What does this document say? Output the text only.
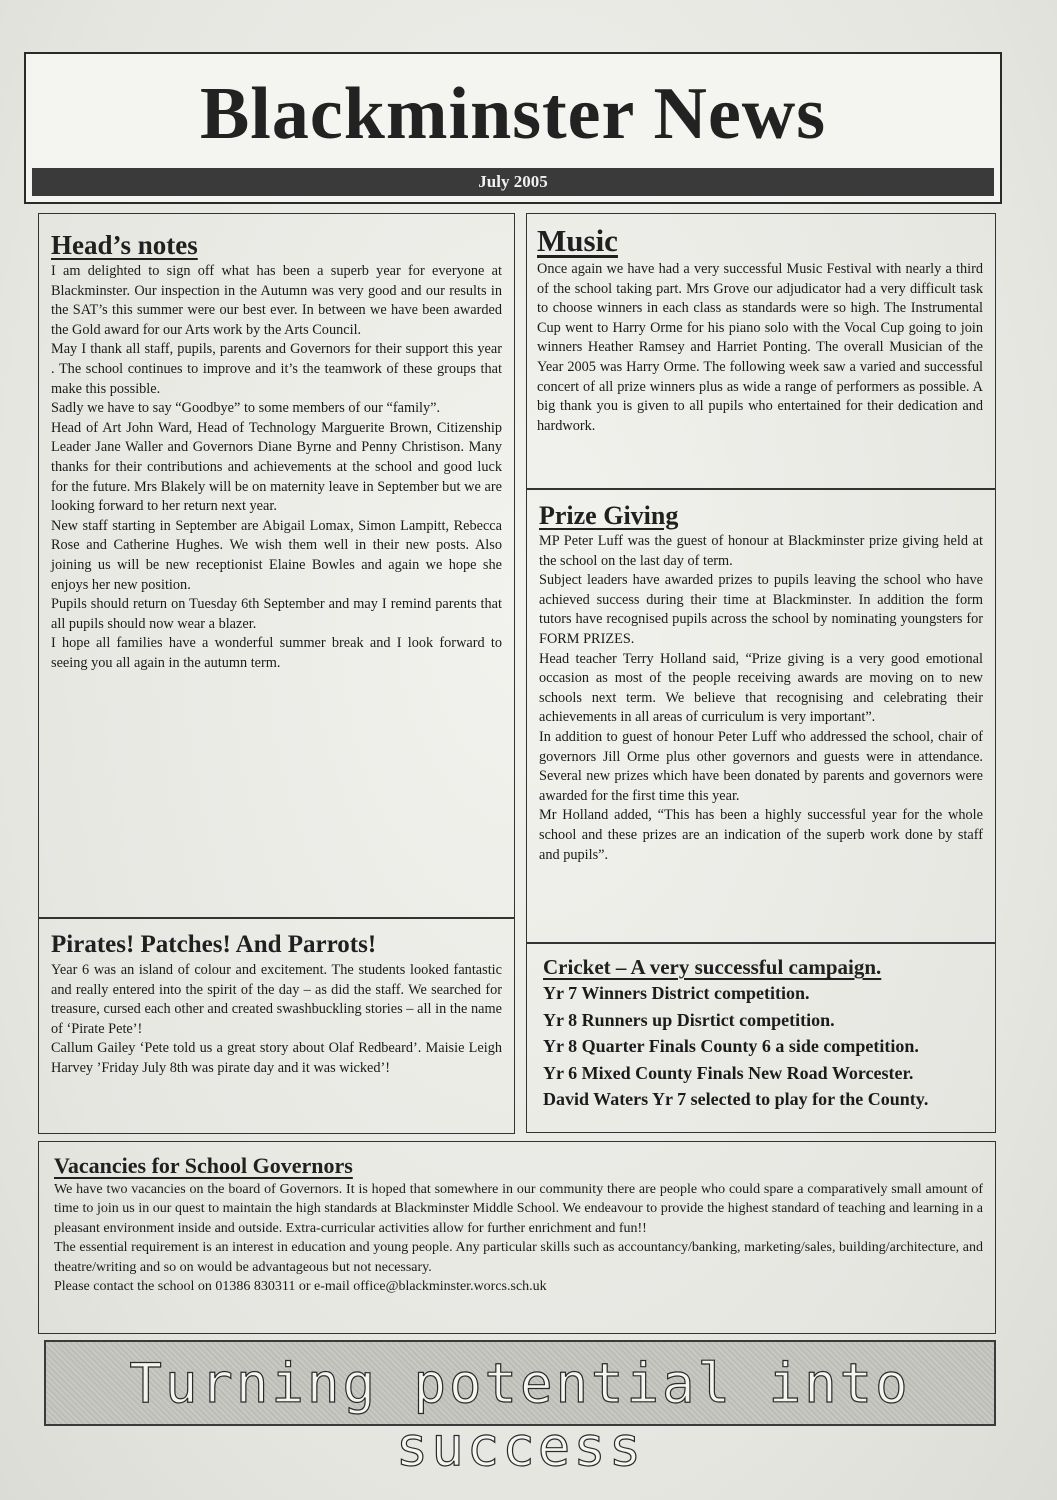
Blackminster News
July 2005
Head’s notes

I am delighted to sign off what has been a superb year for everyone at Blackminster. Our inspection in the Autumn was very good and our results in the SAT’s this summer were our best ever. In between we have been awarded the Gold award for our Arts work by the Arts Council.

May I thank all staff, pupils, parents and Governors for their support this year . The school continues to improve and it’s the teamwork of these groups that make this possible.

Sadly we have to say “Goodbye” to some members of our “family”.

Head of Art John Ward, Head of Technology Marguerite Brown, Citizenship Leader Jane Waller and Governors Diane Byrne and Penny Christison. Many thanks for their contributions and achievements at the school and good luck for the future. Mrs Blakely will be on maternity leave in September but we are looking forward to her return next year.

New staff starting in September are Abigail Lomax, Simon Lampitt, Rebecca Rose and Catherine Hughes. We wish them well in their new posts. Also joining us will be new receptionist Elaine Bowles and again we hope she enjoys her new position.

Pupils should return on Tuesday 6th September and may I remind parents that all pupils should now wear a blazer.

I hope all families have a wonderful summer break and I look forward to seeing you all again in the autumn term.

Music

Once again we have had a very successful Music Festival with nearly a third of the school taking part. Mrs Grove our adjudicator had a very difficult task to choose winners in each class as standards were so high. The Instrumental Cup went to Harry Orme for his piano solo with the Vocal Cup going to join winners Heather Ramsey and Harriet Ponting. The overall Musician of the Year 2005 was Harry Orme. The following week saw a varied and successful concert of all prize winners plus as wide a range of performers as possible. A big thank you is given to all pupils who entertained for their dedication and hardwork.

Prize Giving

MP Peter Luff was the guest of honour at Blackminster prize giving held at the school on the last day of term.

Subject leaders have awarded prizes to pupils leaving the school who have achieved success during their time at Blackminster. In addition the form tutors have recognised pupils across the school by nominating youngsters for FORM PRIZES.

Head teacher Terry Holland said, “Prize giving is a very good emotional occasion as most of the people receiving awards are moving on to new schools next term. We believe that recognising and celebrating their achievements in all areas of curriculum is very important”.

In addition to guest of honour Peter Luff who addressed the school, chair of governors Jill Orme plus other governors and guests were in attendance. Several new prizes which have been donated by parents and governors were awarded for the first time this year.

Mr Holland added, “This has been a highly successful year for the whole school and these prizes are an indication of the superb work done by staff and pupils”.

Pirates! Patches! And Parrots!

Year 6 was an island of colour and excitement. The students looked fantastic and really entered into the spirit of the day – as did the staff. We searched for treasure, cursed each other and created swashbuckling stories – all in the name of ‘Pirate Pete’!

Callum Gailey ‘Pete told us a great story about Olaf Redbeard’. Maisie Leigh Harvey ’Friday July 8th was pirate day and it was wicked’!

Cricket – A very successful campaign.

Yr 7 Winners District competition.

Yr 8 Runners up Disrtict competition.

Yr 8 Quarter Finals County 6 a side competition.

Yr 6 Mixed County Finals New Road Worcester.

David Waters Yr 7 selected to play for the County.

Vacancies for School Governors

We have two vacancies on the board of Governors. It is hoped that somewhere in our community there are people who could spare a comparatively small amount of time to join us in our quest to maintain the high standards at Blackminster Middle School. We endeavour to provide the highest standard of teaching and learning in a pleasant environment inside and outside. Extra-curricular activities allow for further enrichment and fun!!

The essential requirement is an interest in education and young people. Any particular skills such as accountancy/banking, marketing/sales, building/architecture, and theatre/writing and so on would be advantageous but not necessary.

Please contact the school on 01386 830311 or e-mail office@blackminster.worcs.sch.uk

Turning potential into success
